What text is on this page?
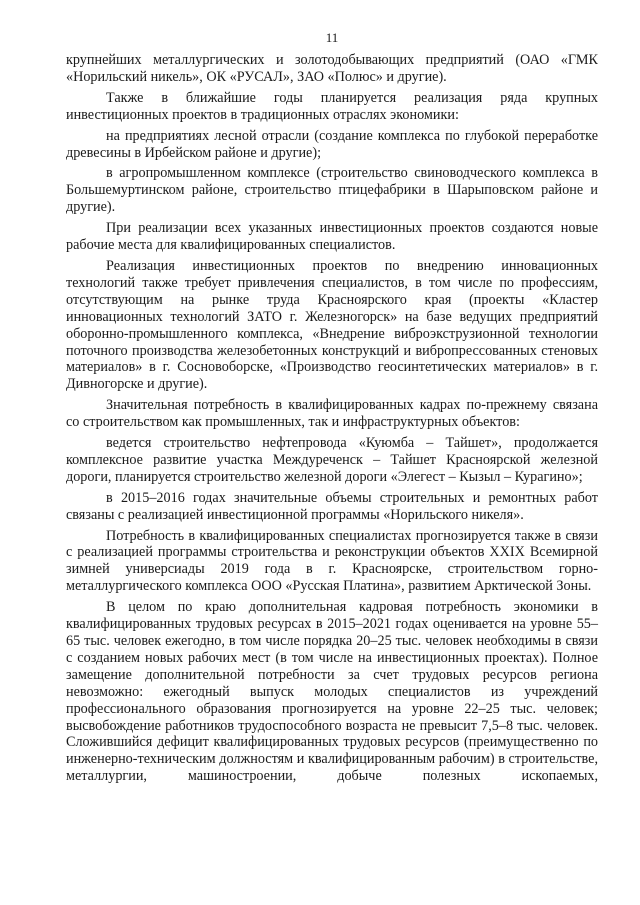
11

крупнейших металлургических и золотодобывающих предприятий (ОАО «ГМК «Норильский никель», ОК «РУСАЛ», ЗАО «Полюс» и другие).

Также в ближайшие годы планируется реализация ряда крупных инвестиционных проектов в традиционных отраслях экономики:

на предприятиях лесной отрасли (создание комплекса по глубокой переработке древесины в Ирбейском районе и другие);

в агропромышленном комплексе (строительство свиноводческого комплекса в Большемуртинском районе, строительство птицефабрики в Шарыповском районе и другие).

При реализации всех указанных инвестиционных проектов создаются новые рабочие места для квалифицированных специалистов.

Реализация инвестиционных проектов по внедрению инновационных технологий также требует привлечения специалистов, в том числе по профессиям, отсутствующим на рынке труда Красноярского края (проекты «Кластер инновационных технологий ЗАТО г. Железногорск» на базе ведущих предприятий оборонно-промышленного комплекса, «Внедрение виброэкструзионной технологии поточного производства железобетонных конструкций и вибропрессованных стеновых материалов» в г. Сосновоборске, «Производство геосинтетических материалов» в г. Дивногорске и другие).

Значительная потребность в квалифицированных кадрах по-прежнему связана со строительством как промышленных, так и инфраструктурных объектов:

ведется строительство нефтепровода «Куюмба – Тайшет», продолжается комплексное развитие участка Междуреченск – Тайшет Красноярской железной дороги, планируется строительство железной дороги «Элегест – Кызыл – Курагино»;

в 2015–2016 годах значительные объемы строительных и ремонтных работ связаны с реализацией инвестиционной программы «Норильского никеля».

Потребность в квалифицированных специалистах прогнозируется также в связи с реализацией программы строительства и реконструкции объектов XXIX Всемирной зимней универсиады 2019 года в г. Красноярске, строительством горно-металлургического комплекса ООО «Русская Платина», развитием Арктической Зоны.

В целом по краю дополнительная кадровая потребность экономики в квалифицированных трудовых ресурсах в 2015–2021 годах оценивается на уровне 55–65 тыс. человек ежегодно, в том числе порядка 20–25 тыс. человек необходимы в связи с созданием новых рабочих мест (в том числе на инвестиционных проектах). Полное замещение дополнительной потребности за счет трудовых ресурсов региона невозможно: ежегодный выпуск молодых специалистов из учреждений профессионального образования прогнозируется на уровне 22–25 тыс. человек; высвобождение работников трудоспособного возраста не превысит 7,5–8 тыс. человек. Сложившийся дефицит квалифицированных трудовых ресурсов (преимущественно по инженерно-техническим должностям и квалифицированным рабочим) в строительстве, металлургии, машиностроении, добыче полезных ископаемых,
